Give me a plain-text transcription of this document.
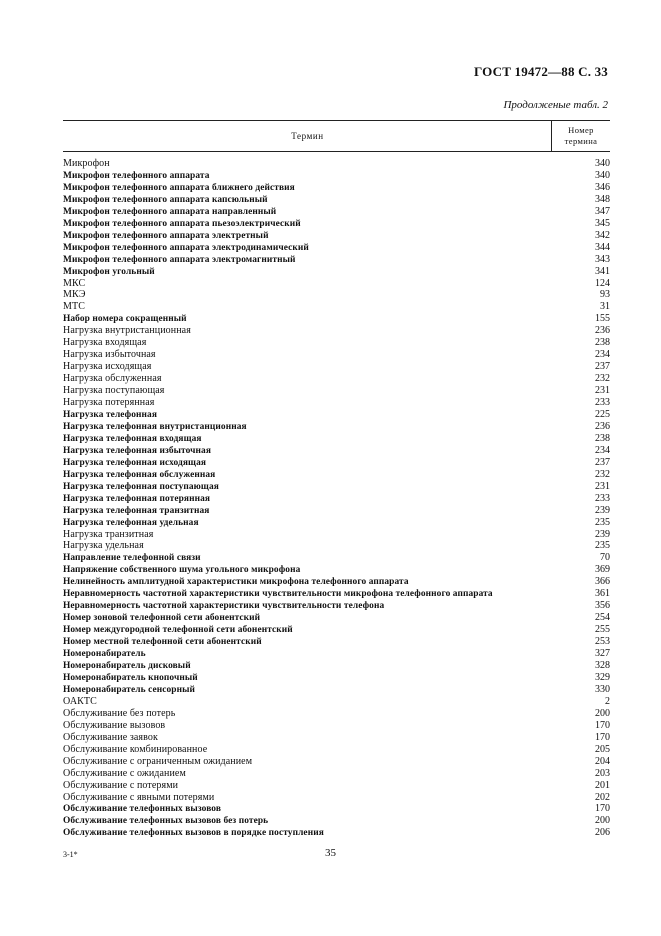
ГОСТ 19472—88 С. 33
Продолженые табл. 2
Термин
Номер
термина
Микрофон	340
Микрофон телефонного аппарата	340
Микрофон телефонного аппарата ближнего действия	346
Микрофон телефонного аппарата капсюльный	348
Микрофон телефонного аппарата направленный	347
Микрофон телефонного аппарата пьезоэлектрический	345
Микрофон телефонного аппарата электретный	342
Микрофон телефонного аппарата электродинамический	344
Микрофон телефонного аппарата электромагнитный	343
Микрофон угольный	341
МКС	124
МКЭ	93
МТС	31
Набор номера сокращенный	155
Нагрузка внутристанционная	236
Нагрузка входящая	238
Нагрузка избыточная	234
Нагрузка исходящая	237
Нагрузка обслуженная	232
Нагрузка поступающая	231
Нагрузка потерянная	233
Нагрузка телефонная	225
Нагрузка телефонная внутристанционная	236
Нагрузка телефонная входящая	238
Нагрузка телефонная избыточная	234
Нагрузка телефонная исходящая	237
Нагрузка телефонная обслуженная	232
Нагрузка телефонная поступающая	231
Нагрузка телефонная потерянная	233
Нагрузка телефонная транзитная	239
Нагрузка телефонная удельная	235
Нагрузка транзитная	239
Нагрузка удельная	235
Направление телефонной связи	70
Напряжение собственного шума угольного микрофона	369
Нелинейность амплитудной характеристики микрофона телефонного аппарата	366
Неравномерность частотной характеристики чувствительности микрофона телефонного аппарата	361
Неравномерность частотной характеристики чувствительности телефона	356
Номер зоновой телефонной сети абонентский	254
Номер междугородной телефонной сети абонентский	255
Номер местной телефонной сети абонентский	253
Номеронабиратель	327
Номеронабиратель дисковый	328
Номеронабиратель кнопочный	329
Номеронабиратель сенсорный	330
ОАКТС	2
Обслуживание без потерь	200
Обслуживание вызовов	170
Обслуживание заявок	170
Обслуживание комбинированное	205
Обслуживание с ограниченным ожиданием	204
Обслуживание с ожиданием	203
Обслуживание с потерями	201
Обслуживание с явными потерями	202
Обслуживание телефонных вызовов	170
Обслуживание телефонных вызовов без потерь	200
Обслуживание телефонных вызовов в порядке поступления	206
3-1*	35
